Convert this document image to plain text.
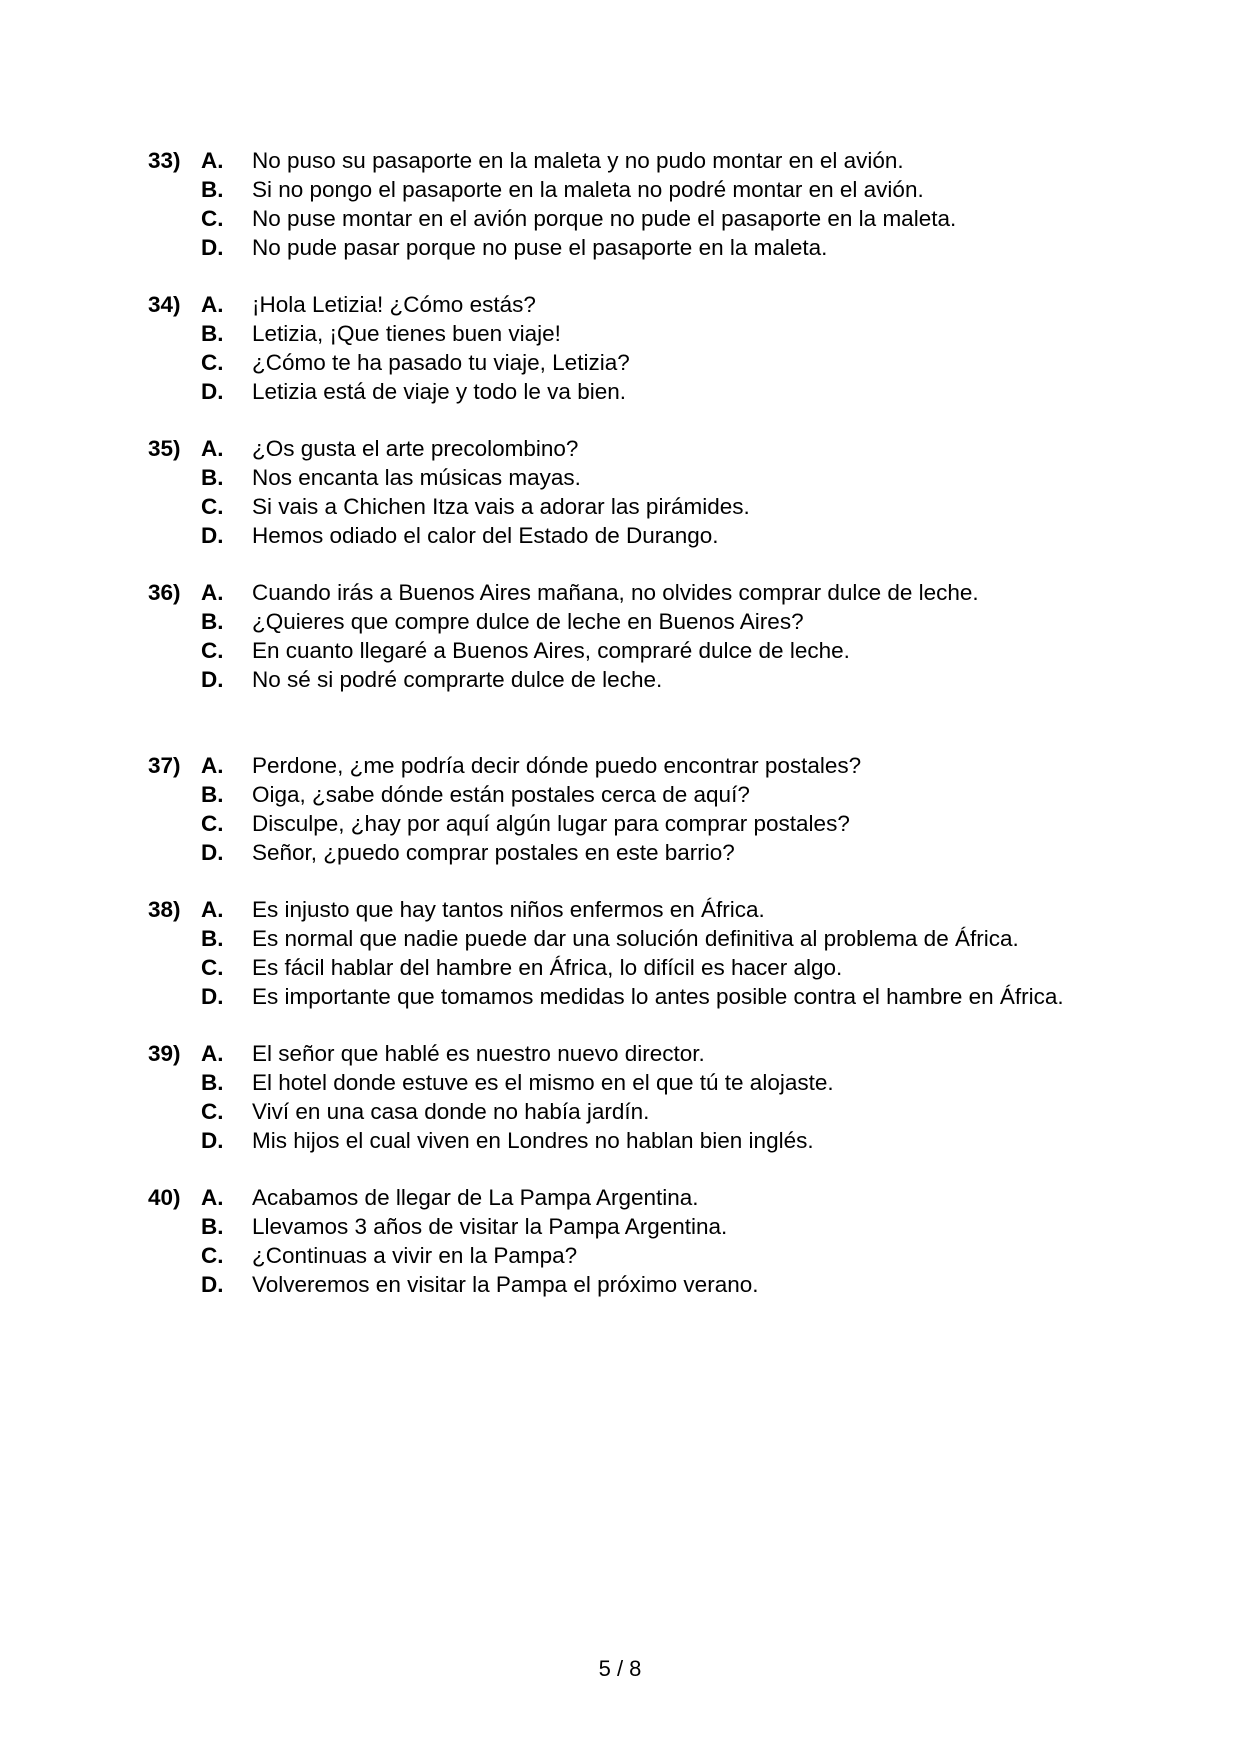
33) A. No puso su pasaporte en la maleta y no pudo montar en el avión.
B. Si no pongo el pasaporte en la maleta no podré montar en el avión.
C. No puse montar en el avión porque no pude el pasaporte en la maleta.
D. No pude pasar porque no puse el pasaporte en la maleta.
34) A. ¡Hola Letizia! ¿Cómo estás?
B. Letizia, ¡Que tienes buen viaje!
C. ¿Cómo te ha pasado tu viaje, Letizia?
D. Letizia está de viaje y todo le va bien.
35) A. ¿Os gusta el arte precolombino?
B. Nos encanta las músicas mayas.
C. Si vais a Chichen Itza vais a adorar las pirámides.
D. Hemos odiado el calor del Estado de Durango.
36) A. Cuando irás a Buenos Aires mañana, no olvides comprar dulce de leche.
B. ¿Quieres que compre dulce de leche en Buenos Aires?
C. En cuanto llegaré a Buenos Aires, compraré dulce de leche.
D. No sé si podré comprarte dulce de leche.
37) A. Perdone, ¿me podría decir dónde puedo encontrar postales?
B. Oiga, ¿sabe dónde están postales cerca de aquí?
C. Disculpe, ¿hay por aquí algún lugar para comprar postales?
D. Señor, ¿puedo comprar postales en este barrio?
38) A. Es injusto que hay tantos niños enfermos en África.
B. Es normal que nadie puede dar una solución definitiva al problema de África.
C. Es fácil hablar del hambre en África, lo difícil es hacer algo.
D. Es importante que tomamos medidas lo antes posible contra el hambre en África.
39) A. El señor que hablé es nuestro nuevo director.
B. El hotel donde estuve es el mismo en el que tú te alojaste.
C. Viví en una casa donde no había jardín.
D. Mis hijos el cual viven en Londres no hablan bien inglés.
40) A. Acabamos de llegar de La Pampa Argentina.
B. Llevamos 3 años de visitar la Pampa Argentina.
C. ¿Continuas a vivir en la Pampa?
D. Volveremos en visitar la Pampa el próximo verano.
5 / 8
